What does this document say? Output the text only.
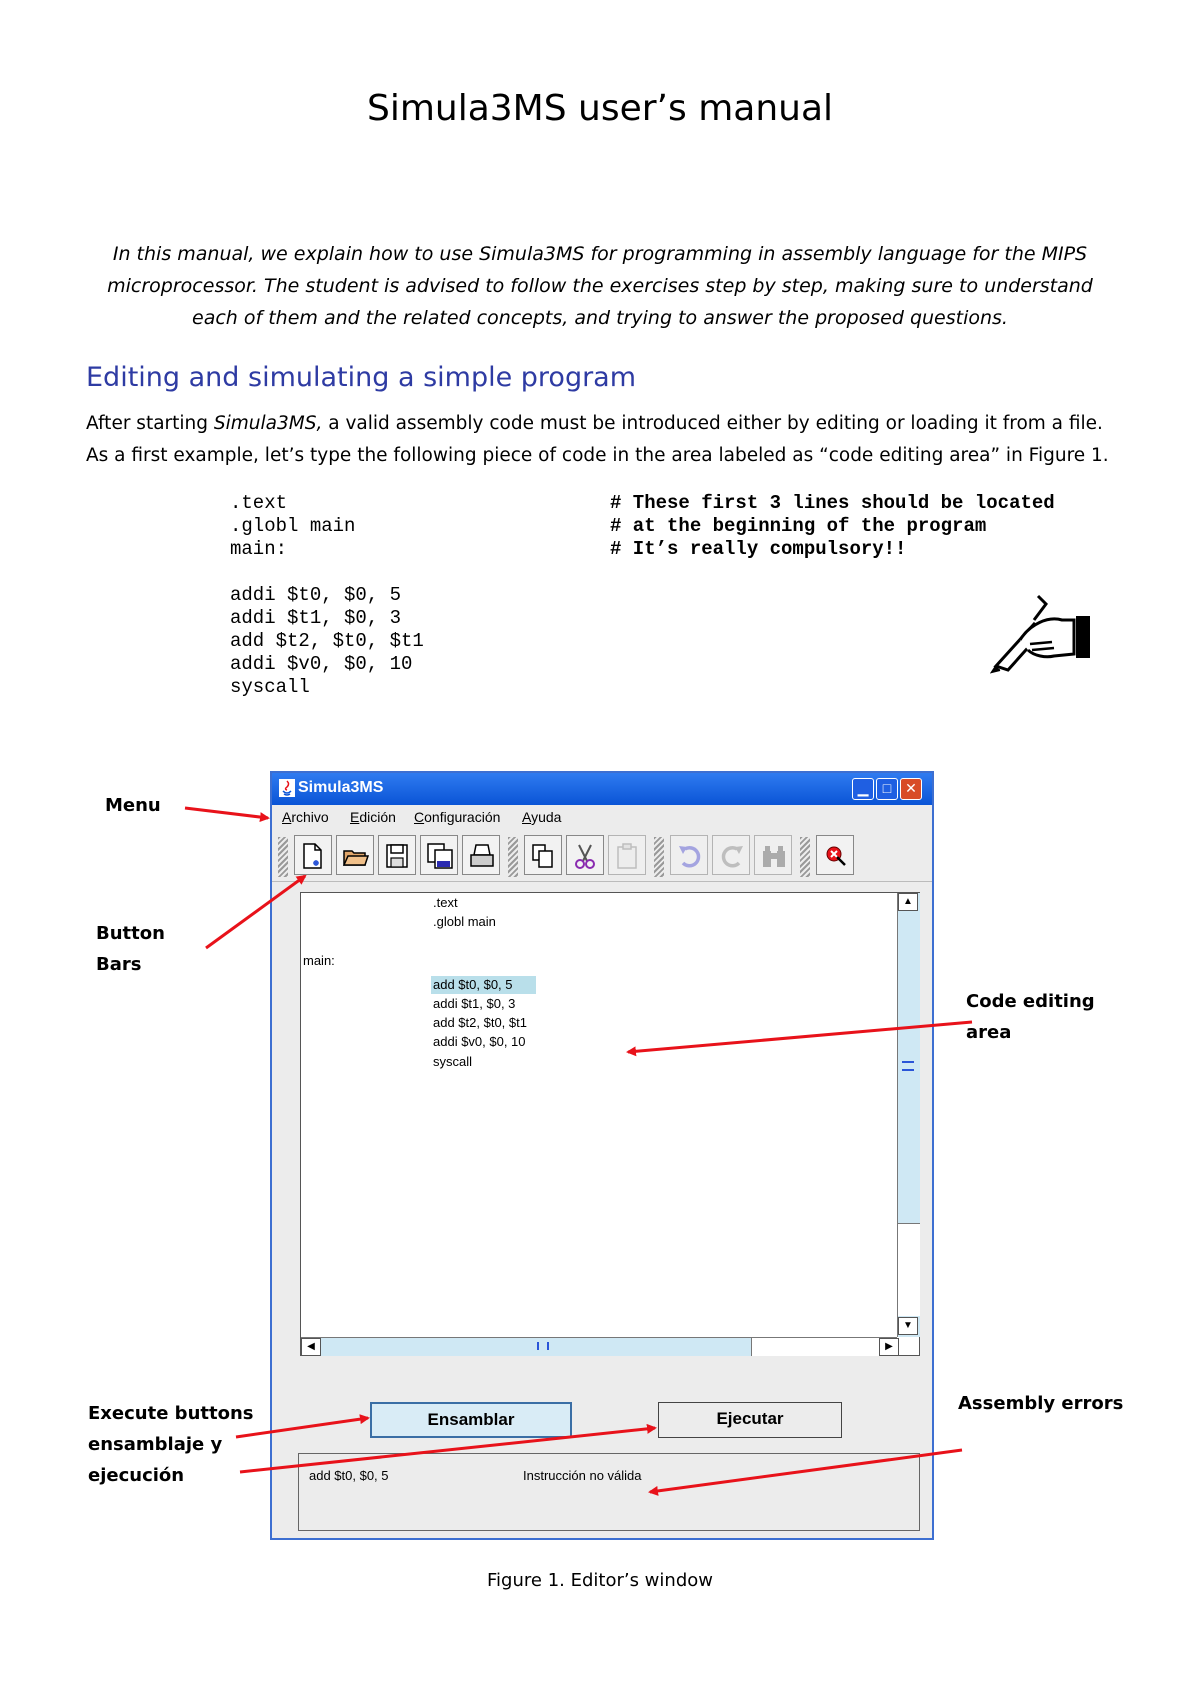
Simula3MS user’s manual
In this manual, we explain how to use Simula3MS for programming in assembly language for the MIPS microprocessor. The student is advised to follow the exercises step by step, making sure to understand each of them and the related concepts, and trying to answer the proposed questions.
Editing and simulating a simple program
After starting Simula3MS, a valid assembly code must be introduced either by editing or loading it from a file. As a first example, let’s type the following piece of code in the area labeled as “code editing area” in Figure 1.
.text
.globl main
main:
addi $t0, $0, 5
addi $t1, $0, 3
add $t2, $t0, $t1
addi $v0, $0, 10
syscall
# These first 3 lines should be located
# at the beginning of the program
# It’s really compulsory!!
Simula3MS	▁	□ ✕
Archivo Edición Configuración Ayuda
.text
.globl main
main:
add $t0, $0, 5
addi $t1, $0, 3
add $t2, $t0, $t1
addi $v0, $0, 10
syscall
▲
▼
◀	▶
Ensamblar	Ejecutar
add $t0, $0, 5	Instrucción no válida
Menu
Button
Bars
Code editing
area
Execute buttons
ensamblaje y
ejecución
Assembly errors
Figure 1. Editor’s window
